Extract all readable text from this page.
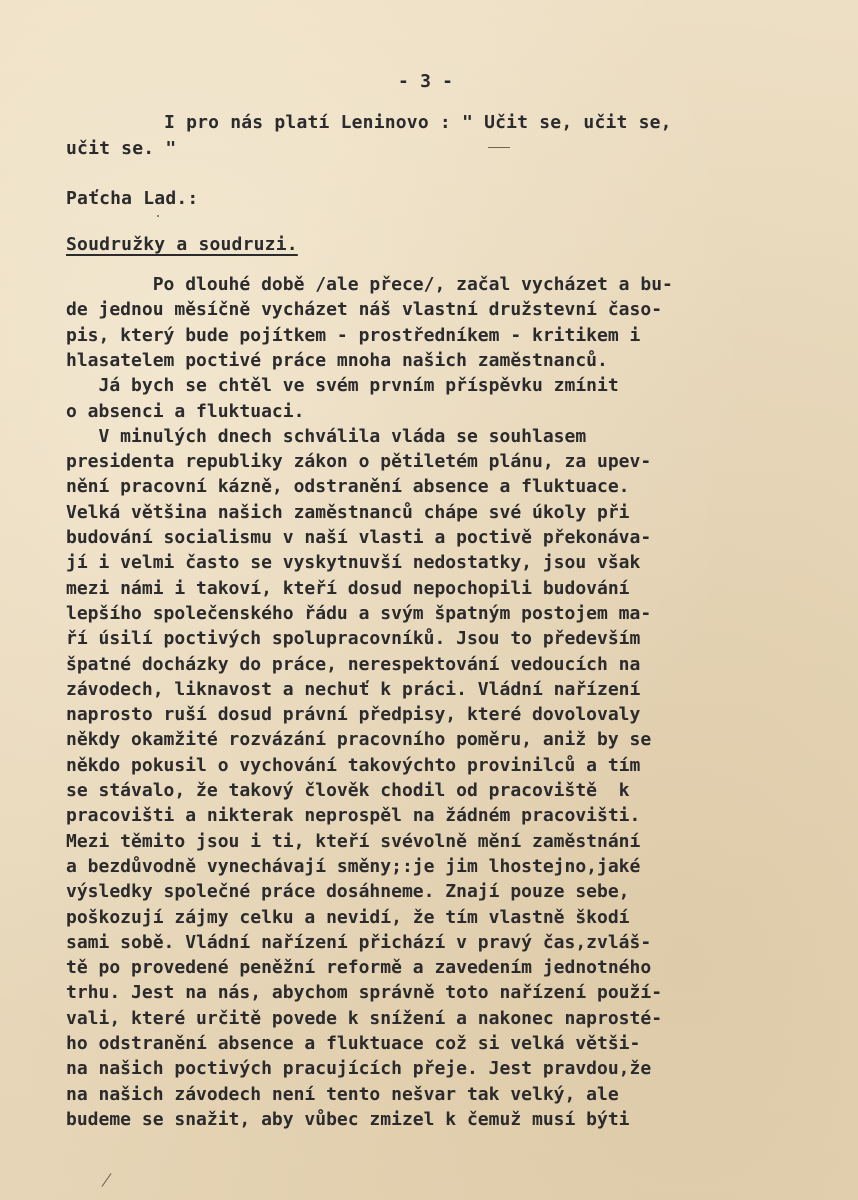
- 3 -
I pro nás platí Leninovo : " Učit se, učit se,
učit se. "
Paťcha Lad.:
Soudružky a soudruzi.
Po dlouhé době /ale přece/, začal vycházet a bu-
de jednou měsíčně vycházet náš vlastní družstevní časo-
pis, který bude pojítkem - prostředníkem - kritikem i
hlasatelem poctivé práce mnoha našich zaměstnanců.
Já bych se chtěl ve svém prvním příspěvku zmínit
o absenci a fluktuaci.
V minulých dnech schválila vláda se souhlasem
presidenta republiky zákon o pětiletém plánu, za upev-
nění pracovní kázně, odstranění absence a fluktuace.
Velká většina našich zaměstnanců chápe své úkoly při
budování socialismu v naší vlasti a poctivě překonáva-
jí i velmi často se vyskytnuvší nedostatky, jsou však
mezi námi i takoví, kteří dosud nepochopili budování
lepšího společenského řádu a svým špatným postojem ma-
ří úsilí poctivých spolupracovníků. Jsou to především
špatné docházky do práce, nerespektování vedoucích na
závodech, liknavost a nechuť k práci. Vládní nařízení
naprosto ruší dosud právní předpisy, které dovolovaly
někdy okamžité rozvázání pracovního poměru, aniž by se
někdo pokusil o vychování takovýchto provinilců a tím
se stávalo, že takový člověk chodil od pracoviště  k
pracovišti a nikterak neprospěl na žádném pracovišti.
Mezi těmito jsou i ti, kteří svévolně mění zaměstnání
a bezdůvodně vynechávají směny;:je jim lhostejno,jaké
výsledky společné práce dosáhneme. Znají pouze sebe,
poškozují zájmy celku a nevidí, že tím vlastně škodí
sami sobě. Vládní nařízení přichází v pravý čas,zvláš-
tě po provedené peněžní reformě a zavedením jednotného
trhu. Jest na nás, abychom správně toto nařízení použí-
vali, které určitě povede k snížení a nakonec naprosté-
ho odstranění absence a fluktuace což si velká větši-
na našich poctivých pracujících přeje. Jest pravdou,že
na našich závodech není tento nešvar tak velký, ale
budeme se snažit, aby vůbec zmizel k čemuž musí býti
